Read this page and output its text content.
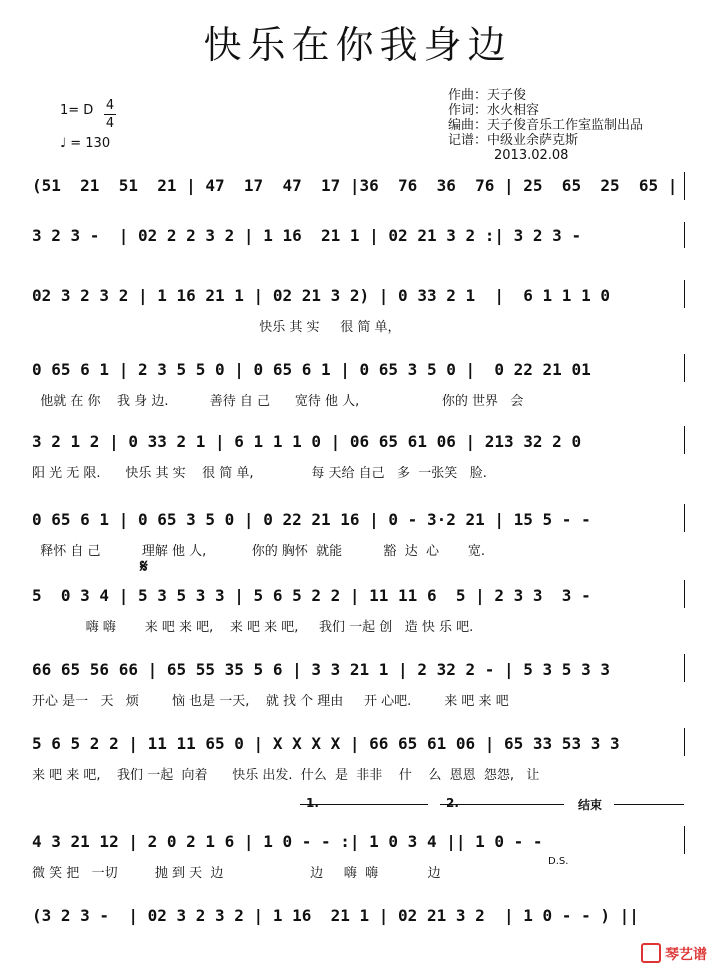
快乐在你我身边
1= D 4
4
♩ = 130
作曲：天子俊
作词：水火相容
编曲：天子俊音乐工作室监制出品
记谱：中级业余萨克斯
2013.02.08
(51  21  51  21 | 47  17  47  17 |36  76  36  76 | 25  65  25  65 |
3 2 3 -  | 02 2 2 3 2 | 1 16  21 1 | 02 21 3 2 :| 3 2 3 -
02 3 2 3 2 | 1 16 21 1 | 02 21 3 2) | 0 33 2 1  |  6 1 1 1 0
快乐 其 实     很 简 单，
0 65 6 1 | 2 3 5 5 0 | 0 65 6 1 | 0 65 3 5 0 |  0 22 21 01
他就 在 你    我 身 边.          善待 自 己      宽待 他 人,                    你的 世界   会
3 2 1 2 | 0 33 2 1 | 6 1 1 1 0 | 06 65 61 06 | 213 32 2 0
阳 光 无 限.      快乐 其 实    很 简 单,              每 天给 自己   多  一张笑   脸.
0 65 6 1 | 0 65 3 5 0 | 0 22 21 16 | 0 - 3·2 21 | 15 5 - -
释怀 自 己          理解 他 人,           你的 胸怀  就能          豁  达  心       宽.
𝄋
5  0 3 4 | 5 3 5 3 3 | 5 6 5 2 2 | 11 11 6  5 | 2 3 3  3 -
嗨 嗨       来 吧 来 吧,    来 吧 来 吧,     我们 一起 创   造 快 乐 吧.
66 65 56 66 | 65 55 35 5 6 | 3 3 21 1 | 2 32 2 - | 5 3 5 3 3
开心 是一   天   烦        恼 也是 一天,    就 找 个 理由     开 心吧.        来 吧 来 吧
5 6 5 2 2 | 11 11 65 0 | X X X X | 66 65 61 06 | 65 33 53 3 3
来 吧 来 吧,    我们 一起  向着      快乐 出发.  什么  是  非非    什    么  恩恩  怨怨,   让
1.	2.	结束
4 3 21 12 | 2 0 2 1 6 | 1 0 - - :| 1 0 3 4 || 1 0 - -
微 笑 把   一切         抛 到 天  边                     边     嗨  嗨            边
D.S.
(3 2 3 -  | 02 3 2 3 2 | 1 16  21 1 | 02 21 3 2  | 1 0 - - ) ||
琴艺谱
